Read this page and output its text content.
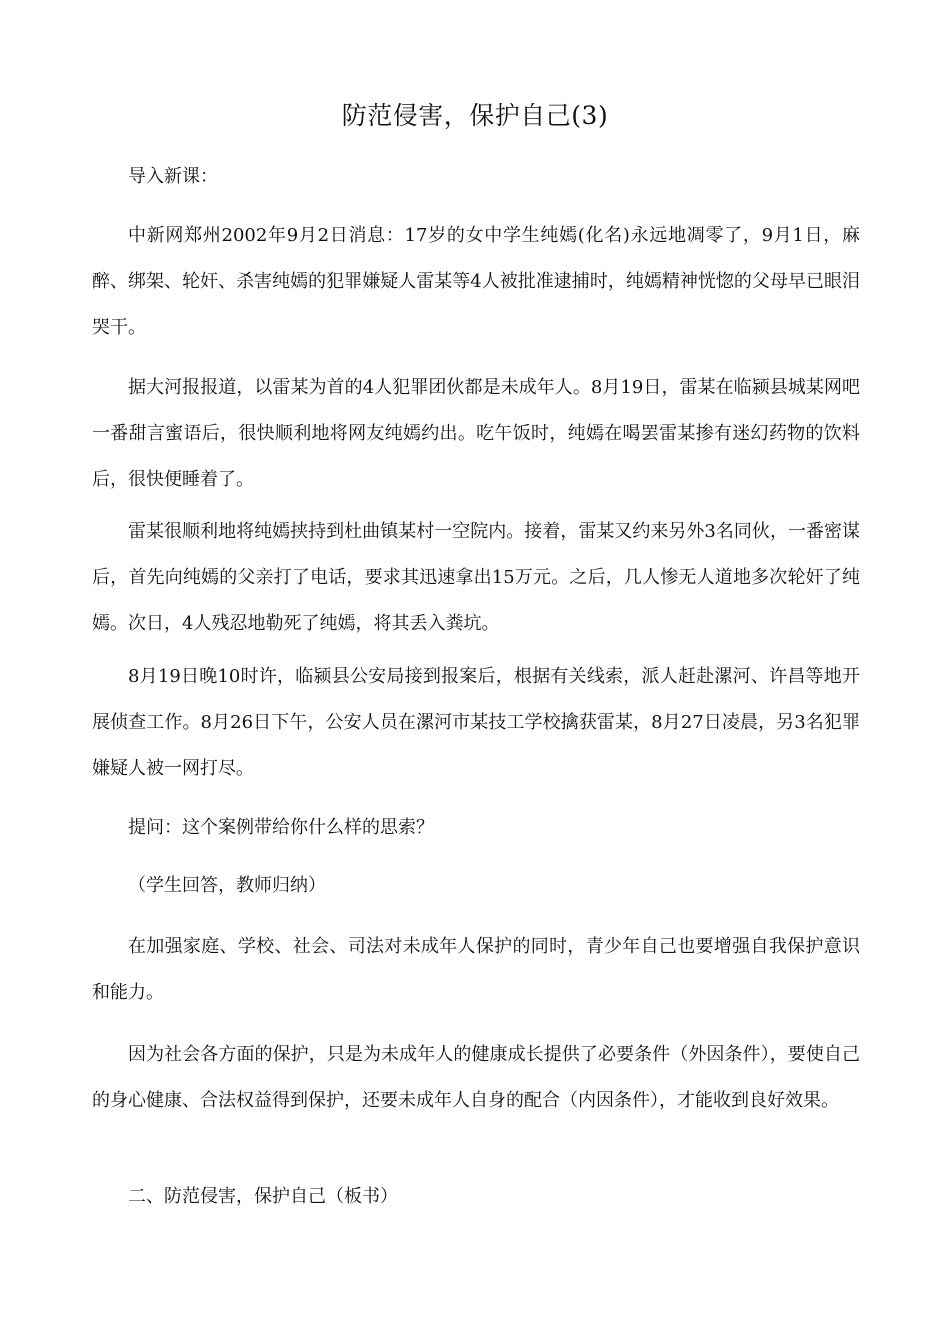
防范侵害，保护自己(3)

导入新课：

中新网郑州2002年9月2日消息：17岁的女中学生纯嫣(化名)永远地凋零了，9月1日，麻醉、绑架、轮奸、杀害纯嫣的犯罪嫌疑人雷某等4人被批准逮捕时，纯嫣精神恍惚的父母早已眼泪哭干。

据大河报报道，以雷某为首的4人犯罪团伙都是未成年人。8月19日，雷某在临颍县城某网吧一番甜言蜜语后，很快顺利地将网友纯嫣约出。吃午饭时，纯嫣在喝罢雷某掺有迷幻药物的饮料后，很快便睡着了。

雷某很顺利地将纯嫣挟持到杜曲镇某村一空院内。接着，雷某又约来另外3名同伙，一番密谋后，首先向纯嫣的父亲打了电话，要求其迅速拿出15万元。之后，几人惨无人道地多次轮奸了纯嫣。次日，4人残忍地勒死了纯嫣，将其丢入粪坑。

8月19日晚10时许，临颍县公安局接到报案后，根据有关线索，派人赶赴漯河、许昌等地开展侦查工作。8月26日下午，公安人员在漯河市某技工学校擒获雷某，8月27日凌晨，另3名犯罪嫌疑人被一网打尽。

提问：这个案例带给你什么样的思索？

（学生回答，教师归纳）

在加强家庭、学校、社会、司法对未成年人保护的同时，青少年自己也要增强自我保护意识和能力。

因为社会各方面的保护，只是为未成年人的健康成长提供了必要条件（外因条件），要使自己的身心健康、合法权益得到保护，还要未成年人自身的配合（内因条件），才能收到良好效果。

二、防范侵害，保护自己（板书）
